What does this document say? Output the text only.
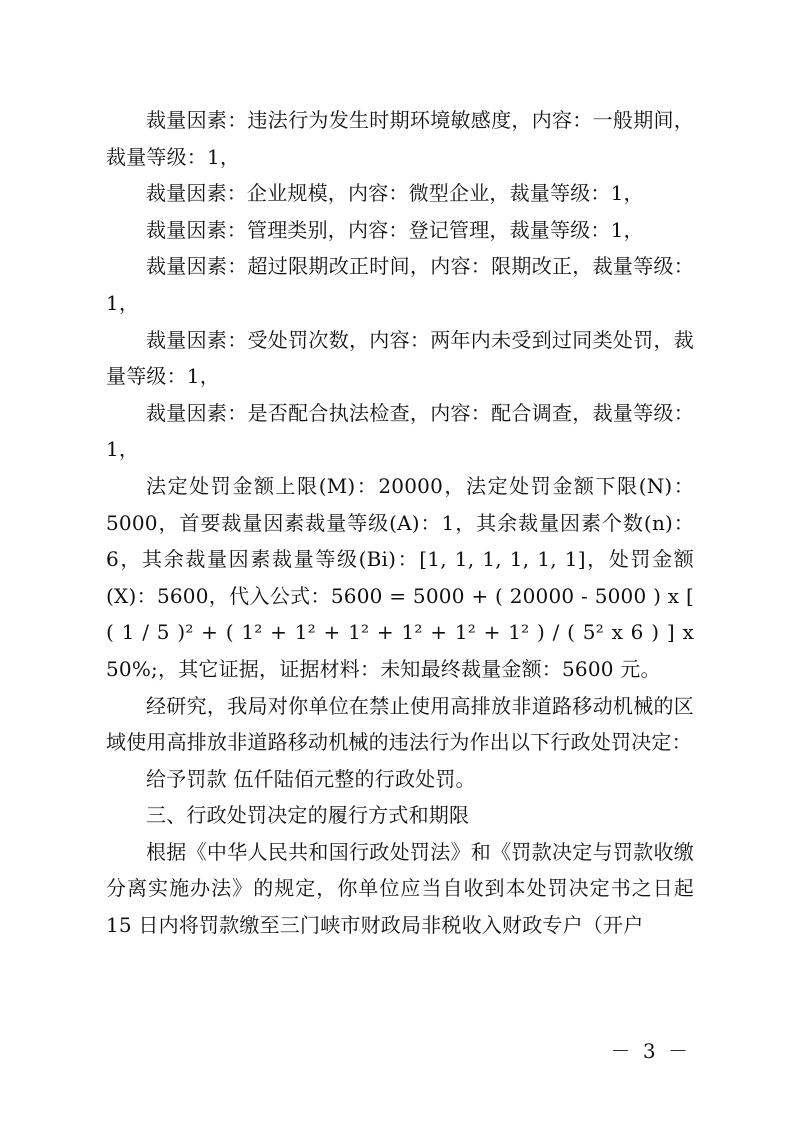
裁量因素：违法行为发生时期环境敏感度，内容：一般期间，裁量等级：1，

裁量因素：企业规模，内容：微型企业，裁量等级：1，

裁量因素：管理类别，内容：登记管理，裁量等级：1，

裁量因素：超过限期改正时间，内容：限期改正，裁量等级：1，

裁量因素：受处罚次数，内容：两年内未受到过同类处罚，裁量等级：1，

裁量因素：是否配合执法检查，内容：配合调查，裁量等级：1，

法定处罚金额上限(M)：20000，法定处罚金额下限(N)：5000，首要裁量因素裁量等级(A)：1，其余裁量因素个数(n)：6，其余裁量因素裁量等级(Bi)：[1, 1, 1, 1, 1, 1]，处罚金额(X)：5600，代入公式：5600 = 5000 + ( 20000 - 5000 ) x [ ( 1 / 5 )² + ( 1² + 1² + 1² + 1² + 1² + 1² ) / ( 5² x 6 ) ] x 50%;，其它证据，证据材料：未知最终裁量金额：5600 元。

经研究，我局对你单位在禁止使用高排放非道路移动机械的区域使用高排放非道路移动机械的违法行为作出以下行政处罚决定：

给予罚款 伍仟陆佰元整的行政处罚。

三、行政处罚决定的履行方式和期限

根据《中华人民共和国行政处罚法》和《罚款决定与罚款收缴分离实施办法》的规定，你单位应当自收到本处罚决定书之日起 15 日内将罚款缴至三门峡市财政局非税收入财政专户（开户

－ 3 －
